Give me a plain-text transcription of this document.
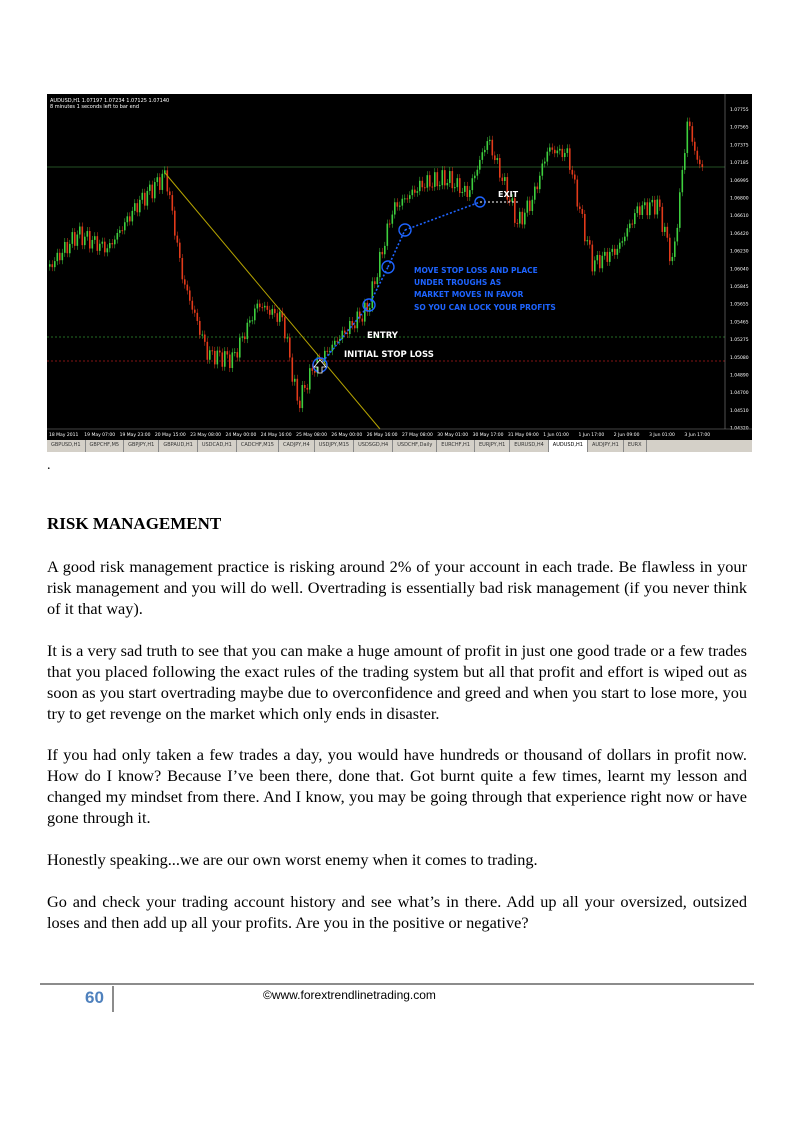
AUDUSD,H1 1.07197 1.07234 1.07125 1.07140
8 minutes 1 seconds left to bar end
EXIT
MOVE STOP LOSS AND PLACE
UNDER TROUGHS AS
MARKET MOVES IN FAVOR
SO YOU CAN LOCK YOUR PROFITS
ENTRY
INITIAL STOP LOSS
1.07755
1.07565
1.07375
1.07185
1.06995
1.06800
1.06610
1.06420
1.06230
1.06040
1.05845
1.05655
1.05465
1.05275
1.05080
1.04890
1.04700
1.04510
1.04320
18 May 2011 19 May 07:00 19 May 23:00 20 May 15:00 23 May 08:00 24 May 00:00 24 May 16:00 25 May 08:00 26 May 00:00 26 May 16:00 27 May 08:00 30 May 01:00 30 May 17:00 31 May 09:00 1 Jun 01:00 1 Jun 17:00 2 Jun 09:00 3 Jun 01:00 3 Jun 17:00
GBPUSD,H1	GBPCHF,M5	GBPJPY,H1	GBPAUD,H1	USDCAD,H1	CADCHF,M15	CADJPY,H4	USDJPY,M15	USDSGD,H4	USDCHF,Daily	EURCHF,H1	EURJPY,H1	EURUSD,H4	AUDUSD,H1	AUDJPY,H1	EURX
.
RISK MANAGEMENT

A good risk management practice is risking around 2% of your account in each trade. Be flawless in your risk management and you will do well. Overtrading is essentially bad risk management (if you never think of it that way).

It is a very sad truth to see that you can make a huge amount of profit in just one good trade or a few trades that you placed following the exact rules of the trading system but all that profit and effort is wiped out as soon as you start overtrading maybe due to overconfidence and greed and when you start to lose more, you try to get revenge on the market which only ends in disaster.

If you had only taken a few trades a day, you would have hundreds or thousand of dollars in profit now. How do I know? Because I’ve been there, done that. Got burnt quite a few times, learnt my lesson and changed my mindset from there. And I know, you may be going through that experience right now or have gone through it.

Honestly speaking...we are our own worst enemy when it comes to trading.

Go and check your trading account history and see what’s in there. Add up all your oversized, outsized loses and then add up all your profits. Are you in the positive or negative?

60	©www.forextrendlinetrading.com
